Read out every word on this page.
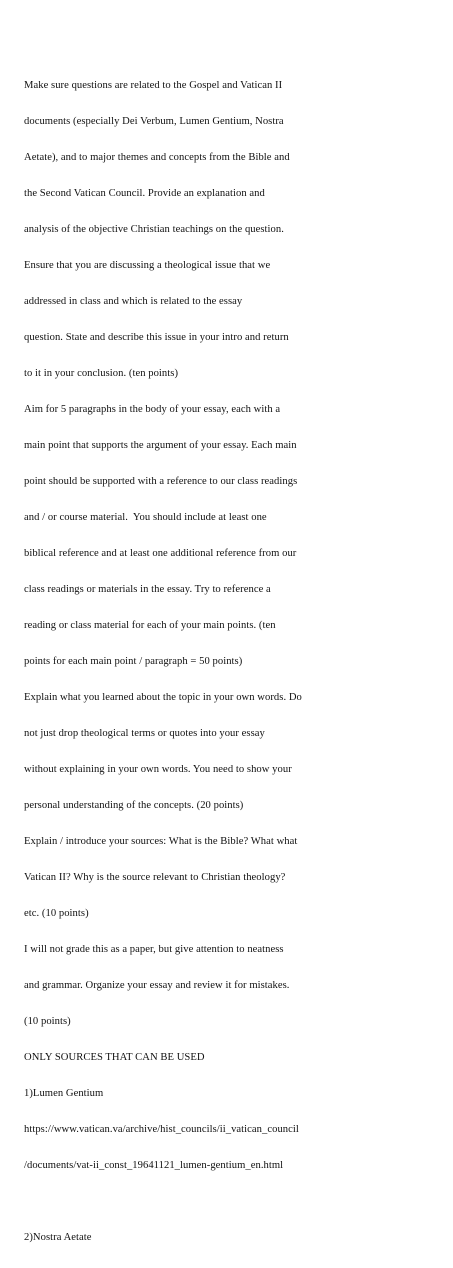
Make sure questions are related to the Gospel and Vatican II

documents (especially Dei Verbum, Lumen Gentium, Nostra

Aetate), and to major themes and concepts from the Bible and

the Second Vatican Council. Provide an explanation and

analysis of the objective Christian teachings on the question.

Ensure that you are discussing a theological issue that we

addressed in class and which is related to the essay

question. State and describe this issue in your intro and return

to it in your conclusion. (ten points)

Aim for 5 paragraphs in the body of your essay, each with a

main point that supports the argument of your essay. Each main

point should be supported with a reference to our class readings

and / or course material.  You should include at least one

biblical reference and at least one additional reference from our

class readings or materials in the essay. Try to reference a

reading or class material for each of your main points. (ten

points for each main point / paragraph = 50 points)

Explain what you learned about the topic in your own words. Do

not just drop theological terms or quotes into your essay

without explaining in your own words. You need to show your

personal understanding of the concepts. (20 points)

Explain / introduce your sources: What is the Bible? What what

Vatican II? Why is the source relevant to Christian theology?

etc. (10 points)

I will not grade this as a paper, but give attention to neatness

and grammar. Organize your essay and review it for mistakes.

(10 points)

ONLY SOURCES THAT CAN BE USED

1)Lumen Gentium

https://www.vatican.va/archive/hist_councils/ii_vatican_council

/documents/vat-ii_const_19641121_lumen-gentium_en.html

2)Nostra Aetate
